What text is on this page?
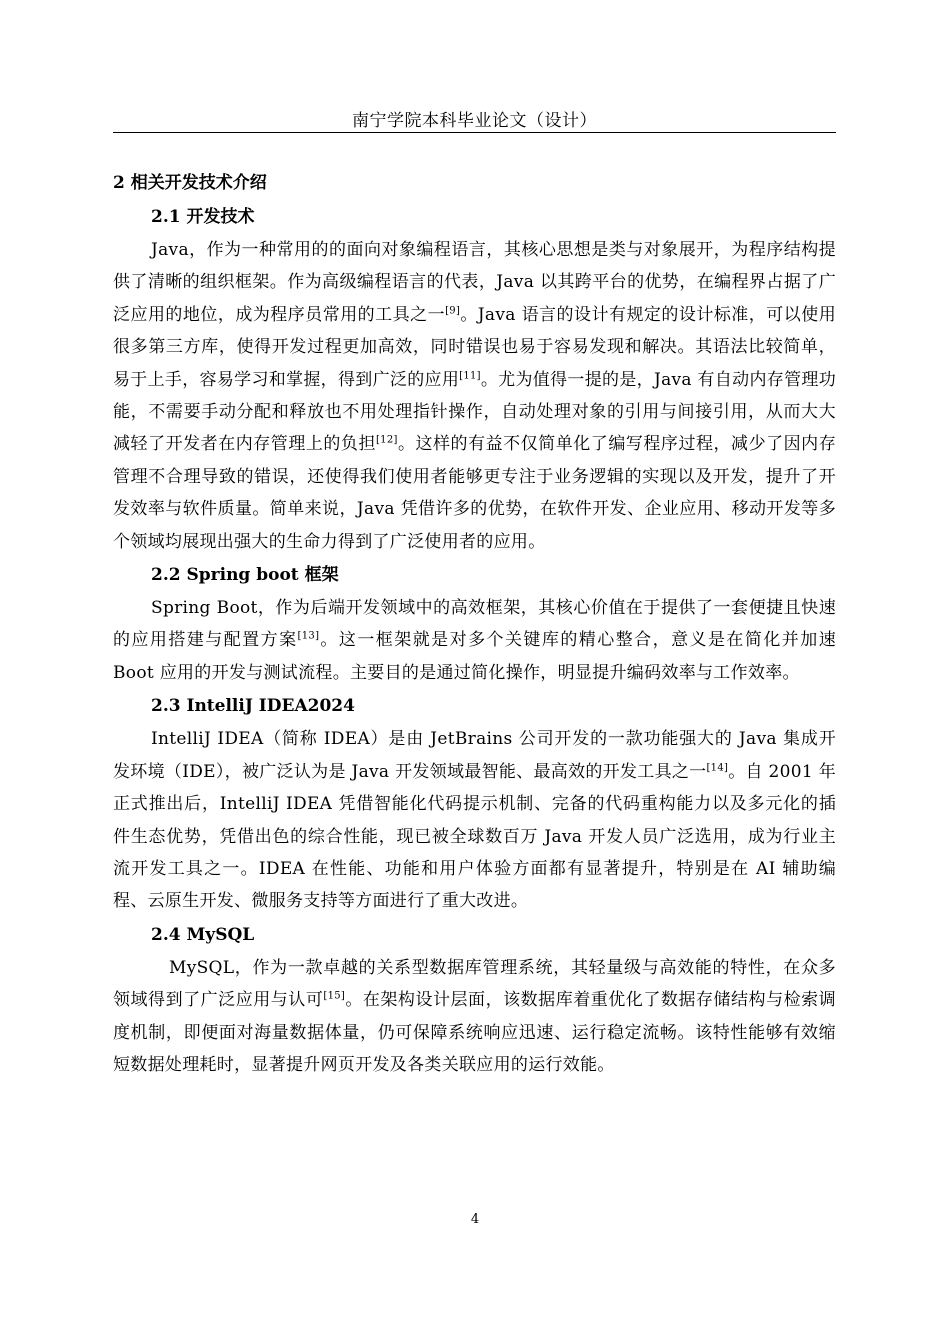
南宁学院本科毕业论文（设计）
2 相关开发技术介绍
2.1 开发技术

Java，作为一种常用的的面向对象编程语言，其核心思想是类与对象展开，为程序结构提供了清晰的组织框架。作为高级编程语言的代表，Java 以其跨平台的优势，在编程界占据了广泛应用的地位，成为程序员常用的工具之一[9]。Java 语言的设计有规定的设计标准，可以使用很多第三方库，使得开发过程更加高效，同时错误也易于容易发现和解决。其语法比较简单，易于上手，容易学习和掌握，得到广泛的应用[11]。尤为值得一提的是，Java 有自动内存管理功能，不需要手动分配和释放也不用处理指针操作，自动处理对象的引用与间接引用，从而大大减轻了开发者在内存管理上的负担[12]。这样的有益不仅简单化了编写程序过程，减少了因内存管理不合理导致的错误，还使得我们使用者能够更专注于业务逻辑的实现以及开发，提升了开发效率与软件质量。简单来说，Java 凭借许多的优势，在软件开发、企业应用、移动开发等多个领域均展现出强大的生命力得到了广泛使用者的应用。

2.2 Spring boot 框架

Spring Boot，作为后端开发领域中的高效框架，其核心价值在于提供了一套便捷且快速的应用搭建与配置方案[13]。这一框架就是对多个关键库的精心整合，意义是在简化并加速 Boot 应用的开发与测试流程。主要目的是通过简化操作，明显提升编码效率与工作效率。

2.3 IntelliJ IDEA2024

IntelliJ IDEA（简称 IDEA）是由 JetBrains 公司开发的一款功能强大的 Java 集成开发环境（IDE），被广泛认为是 Java 开发领域最智能、最高效的开发工具之一[14]。自 2001 年正式推出后，IntelliJ IDEA 凭借智能化代码提示机制、完备的代码重构能力以及多元化的插件生态优势，凭借出色的综合性能，现已被全球数百万 Java 开发人员广泛选用，成为行业主流开发工具之一。IDEA 在性能、功能和用户体验方面都有显著提升，特别是在 AI 辅助编程、云原生开发、微服务支持等方面进行了重大改进。

2.4 MySQL

MySQL，作为一款卓越的关系型数据库管理系统，其轻量级与高效能的特性，在众多领域得到了广泛应用与认可[15]。在架构设计层面，该数据库着重优化了数据存储结构与检索调度机制，即便面对海量数据体量，仍可保障系统响应迅速、运行稳定流畅。该特性能够有效缩短数据处理耗时，显著提升网页开发及各类关联应用的运行效能。

4
